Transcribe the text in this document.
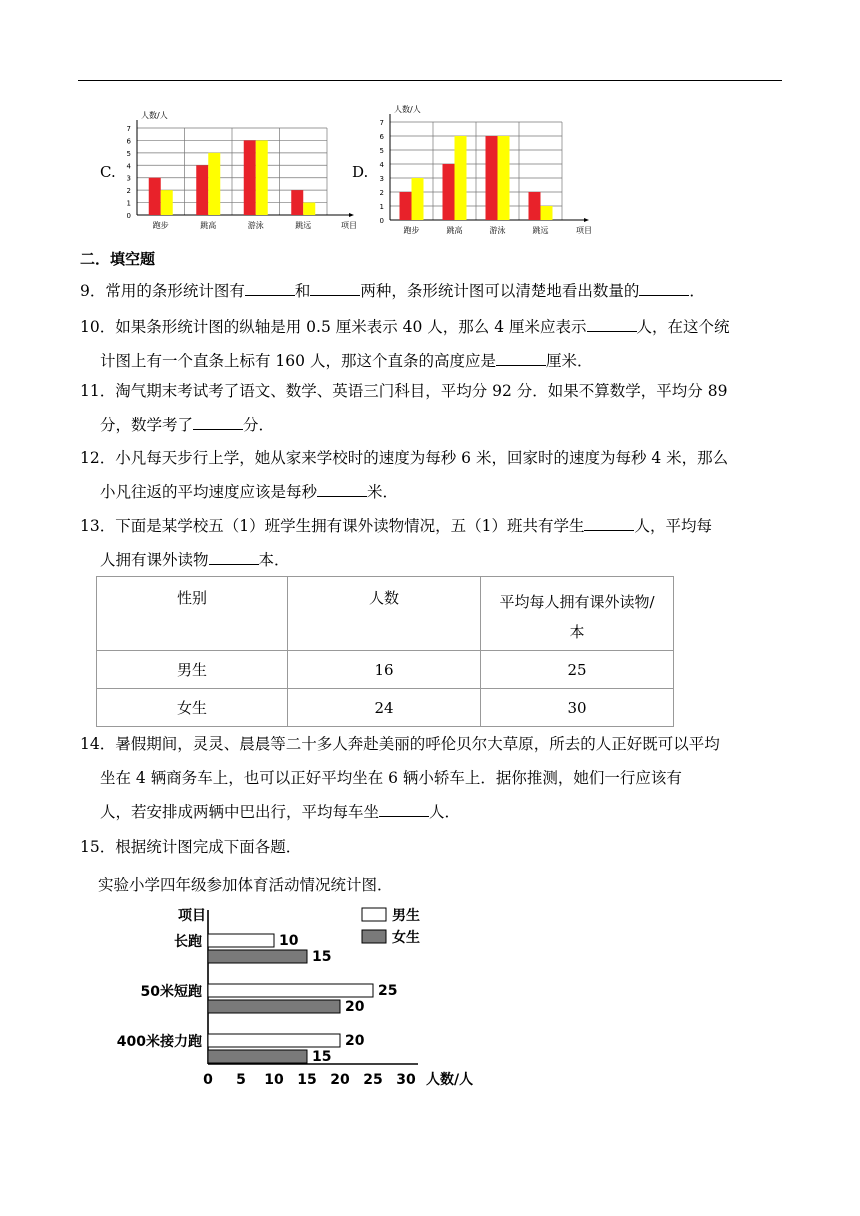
C.
0
1
2
3
4
5
6
7
人数/人
项目
跑步	跳高	游泳	跳远
D.
0
1
2
3
4
5
6
7
人数/人
项目
跑步	跳高	游泳	跳远
二．填空题
9．常用的条形统计图有	和	两种，条形统计图可以清楚地看出数量的	．
10．如果条形统计图的纵轴是用 0.5 厘米表示 40 人，那么 4 厘米应表示	人，在这个统
计图上有一个直条上标有 160 人，那这个直条的高度应是	厘米．
11．淘气期末考试考了语文、数学、英语三门科目，平均分 92 分．如果不算数学，平均分 89
分，数学考了	分．
12．小凡每天步行上学，她从家来学校时的速度为每秒 6 米，回家时的速度为每秒 4 米，那么
小凡往返的平均速度应该是每秒	米．
13．下面是某学校五（1）班学生拥有课外读物情况，五（1）班共有学生	人，平均每
人拥有课外读物	本．
性别	人数	平均每人拥有课外读物/
本
男生	16	25
女生	24	30
14．暑假期间，灵灵、晨晨等二十多人奔赴美丽的呼伦贝尔大草原，所去的人正好既可以平均
坐在 4 辆商务车上，也可以正好平均坐在 6 辆小轿车上．据你推测，她们一行应该有
人，若安排成两辆中巴出行，平均每车坐	人．
15．根据统计图完成下面各题．
实验小学四年级参加体育活动情况统计图．
项目
0 5 10 15 20 25 30 人数/人
长跑	10
15
50米短跑	25
20
400米接力跑	20
15
男生
女生
